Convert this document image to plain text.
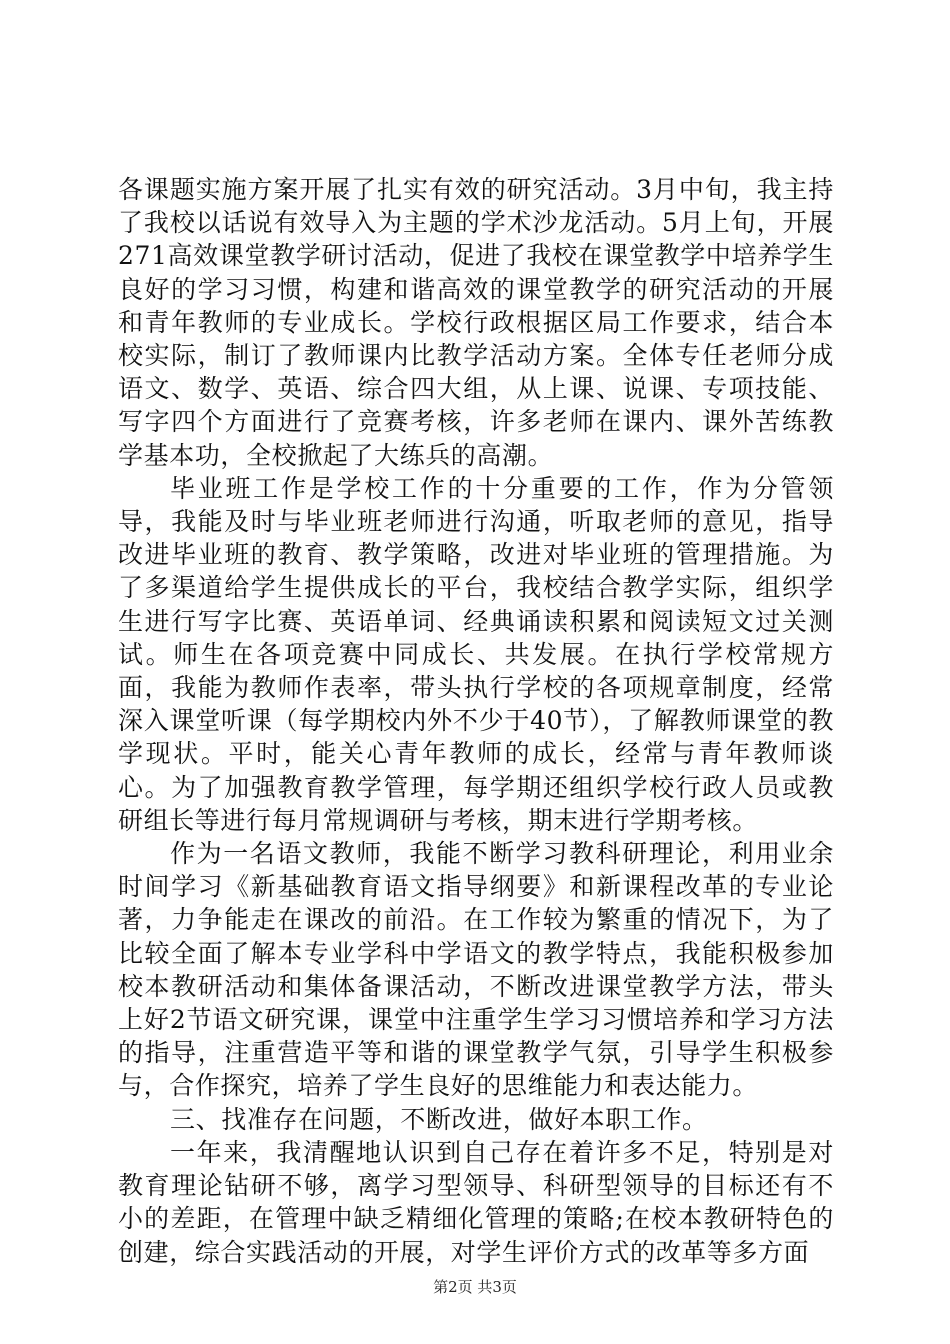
各课题实施方案开展了扎实有效的研究活动。3月中旬，我主持了我校以话说有效导入为主题的学术沙龙活动。5月上旬，开展271高效课堂教学研讨活动，促进了我校在课堂教学中培养学生良好的学习习惯，构建和谐高效的课堂教学的研究活动的开展和青年教师的专业成长。学校行政根据区局工作要求，结合本校实际，制订了教师课内比教学活动方案。全体专任老师分成语文、数学、英语、综合四大组，从上课、说课、专项技能、写字四个方面进行了竞赛考核，许多老师在课内、课外苦练教学基本功，全校掀起了大练兵的高潮。

毕业班工作是学校工作的十分重要的工作，作为分管领导，我能及时与毕业班老师进行沟通，听取老师的意见，指导改进毕业班的教育、教学策略，改进对毕业班的管理措施。为了多渠道给学生提供成长的平台，我校结合教学实际，组织学生进行写字比赛、英语单词、经典诵读积累和阅读短文过关测试。师生在各项竞赛中同成长、共发展。在执行学校常规方面，我能为教师作表率，带头执行学校的各项规章制度，经常深入课堂听课（每学期校内外不少于40节），了解教师课堂的教学现状。平时，能关心青年教师的成长，经常与青年教师谈心。为了加强教育教学管理，每学期还组织学校行政人员或教研组长等进行每月常规调研与考核，期末进行学期考核。

作为一名语文教师，我能不断学习教科研理论，利用业余时间学习《新基础教育语文指导纲要》和新课程改革的专业论著，力争能走在课改的前沿。在工作较为繁重的情况下，为了比较全面了解本专业学科中学语文的教学特点，我能积极参加校本教研活动和集体备课活动，不断改进课堂教学方法，带头上好2节语文研究课，课堂中注重学生学习习惯培养和学习方法的指导，注重营造平等和谐的课堂教学气氛，引导学生积极参与，合作探究，培养了学生良好的思维能力和表达能力。

三、找准存在问题，不断改进，做好本职工作。

一年来，我清醒地认识到自己存在着许多不足，特别是对教育理论钻研不够，离学习型领导、科研型领导的目标还有不小的差距，在管理中缺乏精细化管理的策略;在校本教研特色的创建，综合实践活动的开展，对学生评价方式的改革等多方面

第2页 共3页
